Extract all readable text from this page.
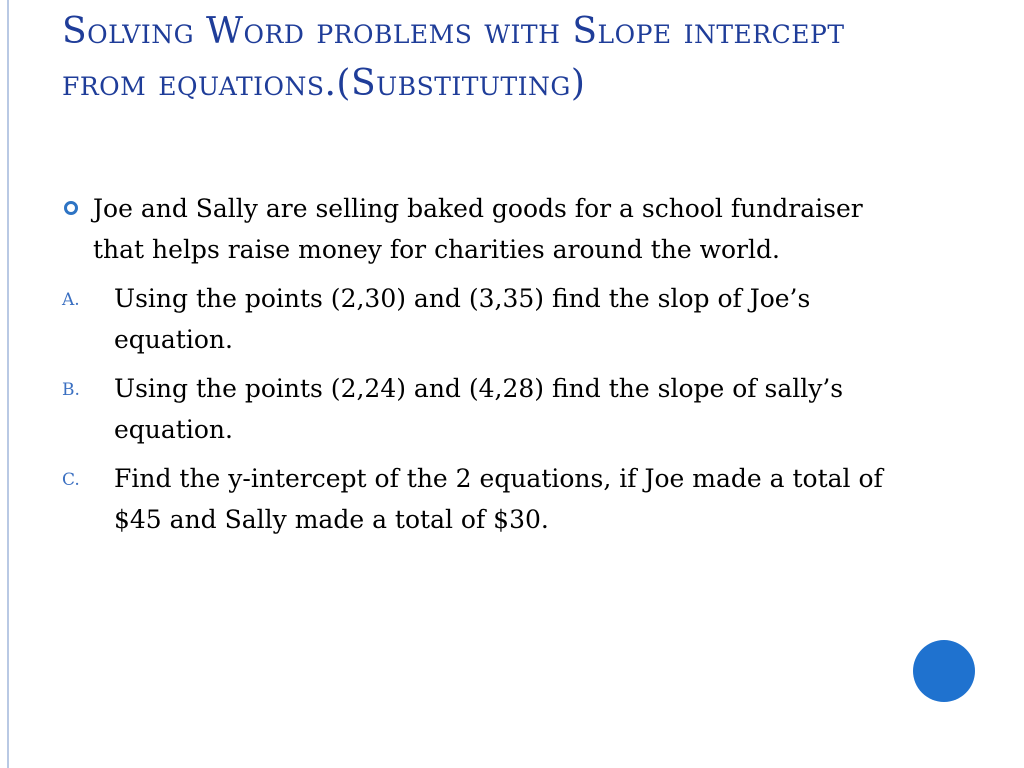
Solving Word problems with Slope intercept from equations.(Substituting)
Joe and Sally are selling baked goods for a school fundraiser that helps raise money for charities around the world.
A. Using the points (2,30) and (3,35) find the slop of Joe’s equation.
B. Using the points (2,24) and (4,28) find the slope of sally’s equation.
C. Find the y-intercept of the 2 equations, if Joe made a total of $45 and Sally made a total of $30.
